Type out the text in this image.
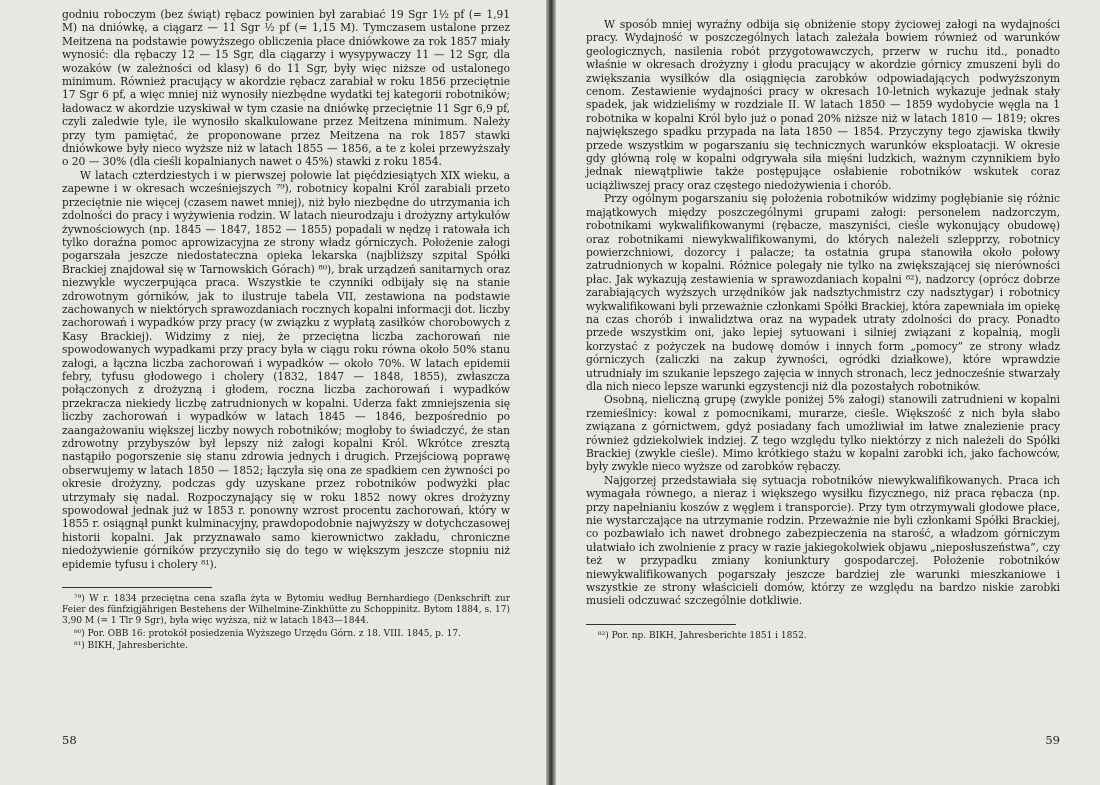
godniu roboczym (bez świąt) rębacz powinien był zarabiać 19 Sgr 1½ pf (= 1,91 M) na dniówkę, a ciągarz — 11 Sgr ½ pf (= 1,15 M). Tymczasem ustalone przez Meitzena na podstawie powyższego obliczenia płace dniówkowe za rok 1857 miały wynosić: dla rębaczy 12 — 15 Sgr, dla ciągarzy i wysypywaczy 11 — 12 Sgr, dla wozaków (w zależności od klasy) 6 do 11 Sgr, były więc niższe od ustalonego minimum. Również pracujący w akordzie rębacz zarabiał w roku 1856 przeciętnie 17 Sgr 6 pf, a więc mniej niż wynosiły niezbędne wydatki tej kategorii robotników; ładowacz w akordzie uzyskiwał w tym czasie na dniówkę przeciętnie 11 Sgr 6,9 pf, czyli zaledwie tyle, ile wynosiło skalkulowane przez Meitzena minimum. Należy przy tym pamiętać, że proponowane przez Meitzena na rok 1857 stawki dniówkowe były nieco wyższe niż w latach 1855 — 1856, a te z kolei przewyższały o 20 — 30% (dla cieśli kopalnianych nawet o 45%) stawki z roku 1854.

W latach czterdziestych i w pierwszej połowie lat pięćdziesiątych XIX wieku, a zapewne i w okresach wcześniejszych ⁷⁹), robotnicy kopalni Król zarabiali przeto przeciętnie nie więcej (czasem nawet mniej), niż było niezbędne do utrzymania ich zdolności do pracy i wyżywienia rodzin. W latach nieurodzaju i drożyzny artykułów żywnościowych (np. 1845 — 1847, 1852 — 1855) popadali w nędzę i ratowała ich tylko doraźna pomoc aprowizacyjna ze strony władz górniczych. Położenie załogi pogarszała jeszcze niedostateczna opieka lekarska (najbliższy szpital Spółki Brackiej znajdował się w Tarnowskich Górach) ⁸⁰), brak urządzeń sanitarnych oraz niezwykle wyczerpująca praca. Wszystkie te czynniki odbijały się na stanie zdrowotnym górników, jak to ilustruje tabela VII, zestawiona na podstawie zachowanych w niektórych sprawozdaniach rocznych kopalni informacji dot. liczby zachorowań i wypadków przy pracy (w związku z wypłatą zasiłków chorobowych z Kasy Brackiej). Widzimy z niej, że przeciętna liczba zachorowań nie spowodowanych wypadkami przy pracy była w ciągu roku równa około 50% stanu załogi, a łączna liczba zachorowań i wypadków — około 70%. W latach epidemii febry, tyfusu głodowego i cholery (1832, 1847 — 1848, 1855), zwłaszcza połączonych z drożyzną i głodem, roczna liczba zachorowań i wypadków przekracza niekiedy liczbę zatrudnionych w kopalni. Uderza fakt zmniejszenia się liczby zachorowań i wypadków w latach 1845 — 1846, bezpośrednio po zaangażowaniu większej liczby nowych robotników; mogłoby to świadczyć, że stan zdrowotny przybyszów był lepszy niż załogi kopalni Król. Wkrótce zresztą nastąpiło pogorszenie się stanu zdrowia jednych i drugich. Przejściową poprawę obserwujemy w latach 1850 — 1852; łączyła się ona ze spadkiem cen żywności po okresie drożyzny, podczas gdy uzyskane przez robotników podwyżki płac utrzymały się nadal. Rozpoczynający się w roku 1852 nowy okres drożyzny spowodował jednak już w 1853 r. ponowny wzrost procentu zachorowań, który w 1855 r. osiągnął punkt kulminacyjny, prawdopodobnie najwyższy w dotychczasowej historii kopalni. Jak przyznawało samo kierownictwo zakładu, chroniczne niedożywienie górników przyczyniło się do tego w większym jeszcze stopniu niż epidemie tyfusu i cholery ⁸¹).

⁷⁹) W r. 1834 przeciętna cena szafla żyta w Bytomiu według Bernhardiego (Denkschrift zur Feier des fünfzigjährigen Bestehens der Wilhelmine-Zinkhütte zu Schoppinitz. Bytom 1884, s. 17) 3,90 M (= 1 Tlr 9 Sgr), była więc wyższa, niż w latach 1843—1844.

⁸⁰) Por. OBB 16: protokół posiedzenia Wyższego Urzędu Górn. z 18. VIII. 1845, p. 17.

⁸¹) BIKH, Jahresberichte.

58

W sposób mniej wyraźny odbija się obniżenie stopy życiowej załogi na wydajności pracy. Wydajność w poszczególnych latach zależała bowiem również od warunków geologicznych, nasilenia robót przygotowawczych, przerw w ruchu itd., ponadto właśnie w okresach drożyzny i głodu pracujący w akordzie górnicy zmuszeni byli do zwiększania wysiłków dla osiągnięcia zarobków odpowiadających podwyższonym cenom. Zestawienie wydajności pracy w okresach 10-letnich wykazuje jednak stały spadek, jak widzieliśmy w rozdziale II. W latach 1850 — 1859 wydobycie węgla na 1 robotnika w kopalni Król było już o ponad 20% niższe niż w latach 1810 — 1819; okres największego spadku przypada na lata 1850 — 1854. Przyczyny tego zjawiska tkwiły przede wszystkim w pogarszaniu się technicznych warunków eksploatacji. W okresie gdy główną rolę w kopalni odgrywała siła mięśni ludzkich, ważnym czynnikiem było jednak niewątpliwie także postępujące osłabienie robotników wskutek coraz uciążliwszej pracy oraz częstego niedożywienia i chorób.

Przy ogólnym pogarszaniu się położenia robotników widzimy pogłębianie się różnic majątkowych między poszczególnymi grupami załogi: personelem nadzorczym, robotnikami wykwalifikowanymi (rębacze, maszyniści, cieśle wykonujący obudowę) oraz robotnikami niewykwalifikowanymi, do których należeli szlepprzy, robotnicy powierzchniowi, dozorcy i palacze; ta ostatnia grupa stanowiła około połowy zatrudnionych w kopalni. Różnice polegały nie tylko na zwiększającej się nierówności płac. Jak wykazują zestawienia w sprawozdaniach kopalni ⁸²), nadzorcy (oprócz dobrze zarabiających wyższych urzędników jak nadsztychmistrz czy nadsztygar) i robotnicy wykwalifikowani byli przeważnie członkami Spółki Brackiej, która zapewniała im opiekę na czas chorób i inwalidztwa oraz na wypadek utraty zdolności do pracy. Ponadto przede wszystkim oni, jako lepiej sytuowani i silniej związani z kopalnią, mogli korzystać z pożyczek na budowę domów i innych form „pomocy” ze strony władz górniczych (zaliczki na zakup żywności, ogródki działkowe), które wprawdzie utrudniały im szukanie lepszego zajęcia w innych stronach, lecz jednocześnie stwarzały dla nich nieco lepsze warunki egzystencji niż dla pozostałych robotników.

Osobną, nieliczną grupę (zwykle poniżej 5% załogi) stanowili zatrudnieni w kopalni rzemieślnicy: kowal z pomocnikami, murarze, cieśle. Większość z nich była słabo związana z górnictwem, gdyż posiadany fach umożliwiał im łatwe znalezienie pracy również gdziekolwiek indziej. Z tego względu tylko niektórzy z nich należeli do Spółki Brackiej (zwykle cieśle). Mimo krótkiego stażu w kopalni zarobki ich, jako fachowców, były zwykle nieco wyższe od zarobków rębaczy.

Najgorzej przedstawiała się sytuacja robotników niewykwalifikowanych. Praca ich wymagała równego, a nieraz i większego wysiłku fizycznego, niż praca rębacza (np. przy napełnianiu koszów z węglem i transporcie). Przy tym otrzymywali głodowe płace, nie wystarczające na utrzymanie rodzin. Przeważnie nie byli członkami Spółki Brackiej, co pozbawiało ich nawet drobnego zabezpieczenia na starość, a władzom górniczym ułatwiało ich zwolnienie z pracy w razie jakiegokolwiek objawu „nieposłuszeństwa”, czy też w przypadku zmiany koniunktury gospodarczej. Położenie robotników niewykwalifikowanych pogarszały jeszcze bardziej złe warunki mieszkaniowe i wszystkie ze strony właścicieli domów, którzy ze względu na bardzo niskie zarobki musieli odczuwać szczególnie dotkliwie.

⁸²) Por. np. BIKH, Jahresberichte 1851 i 1852.

59
